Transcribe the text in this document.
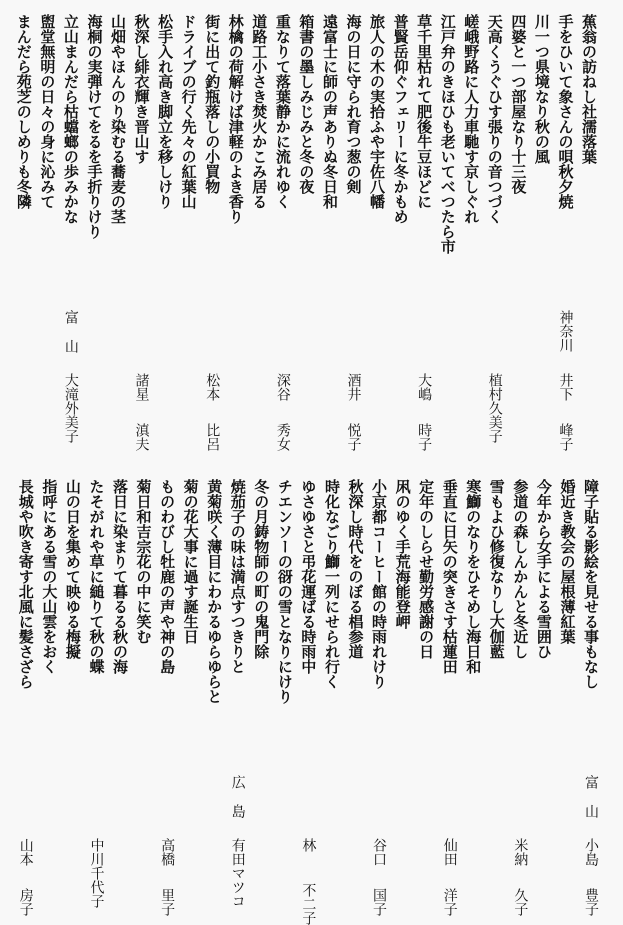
蕉翁の訪ねし社濡落葉
手をひいて象さんの唄秋夕焼
神奈川
井下
峰子
川一つ県境なり秋の風
四婆と一つ部屋なり十三夜
天高くうぐひす張りの音つづく
植村久美子
嵯峨野路に人力車馳す京しぐれ
江戸弁のきほひも老いてべつたら市
草千里枯れて肥後牛豆ほどに
大嶋
時子
普賢岳仰ぐフェリーに冬かもめ
旅人の木の実拾ふや宇佐八幡
海の日に守られ育つ葱の剣
酒井
悦子
遠富士に師の声ありぬ冬日和
箱書の墨しみじみと冬の夜
重なりて落葉静かに流れゆく
深谷
秀女
道路工小さき焚火かこみ居る
林檎の荷解けば津軽のよき香り
街に出て釣瓶落しの小買物
松本
比呂
ドライブの行く先々の紅葉山
松手入れ高き脚立を移しけり
秋深し緋衣輝き晋山す
諸星
滇夫
山畑やほんのり染むる蕎麦の茎
海桐の実弾けてをるを手折りけり
立山まんだら枯蟷螂の歩みかな
富山
大滝外美子
盥堂無明の日々の身に沁みて
まんだら苑芝のしめりも冬隣
障子貼る影絵を見せる事もなし
富山
小島
豊子
婚近き教会の屋根薄紅葉
今年から女手による雪囲ひ
参道の森しんかんと冬近し
米納
久子
雪もよひ修復なりし大伽藍
寒鰤のなりをひそめし海日和
垂直に日矢の突きさす枯蓮田
仙田
洋子
定年のしらせ勤労感謝の日
凩のゆく手荒海能登岬
小京都コーヒー館の時雨れけり
谷口
国子
秋深し時代をのぼる椙参道
時化なごり鰤一列にせられ行く
ゆさゆさと弔花運ばる時雨中
林
不二子
チエンソーの谺の雪となりにけり
冬の月鋳物師の町の鬼門除
焼茄子の味は満点すつきりと
広島
有田マツコ
黄菊咲く薄目にわかるゆらゆらと
菊の花大事に過す誕生日
ものわびし牡鹿の声や神の島
高橋
里子
菊日和吉宗花の中に笑む
落日に染まりて暮るる秋の海
たそがれや草に縋りて秋の蝶
中川千代子
山の日を集めて映ゆる梅擬
指呼にある雪の大山雲をおく
長城や吹き寄す北風に髪さざら
山本
房子
